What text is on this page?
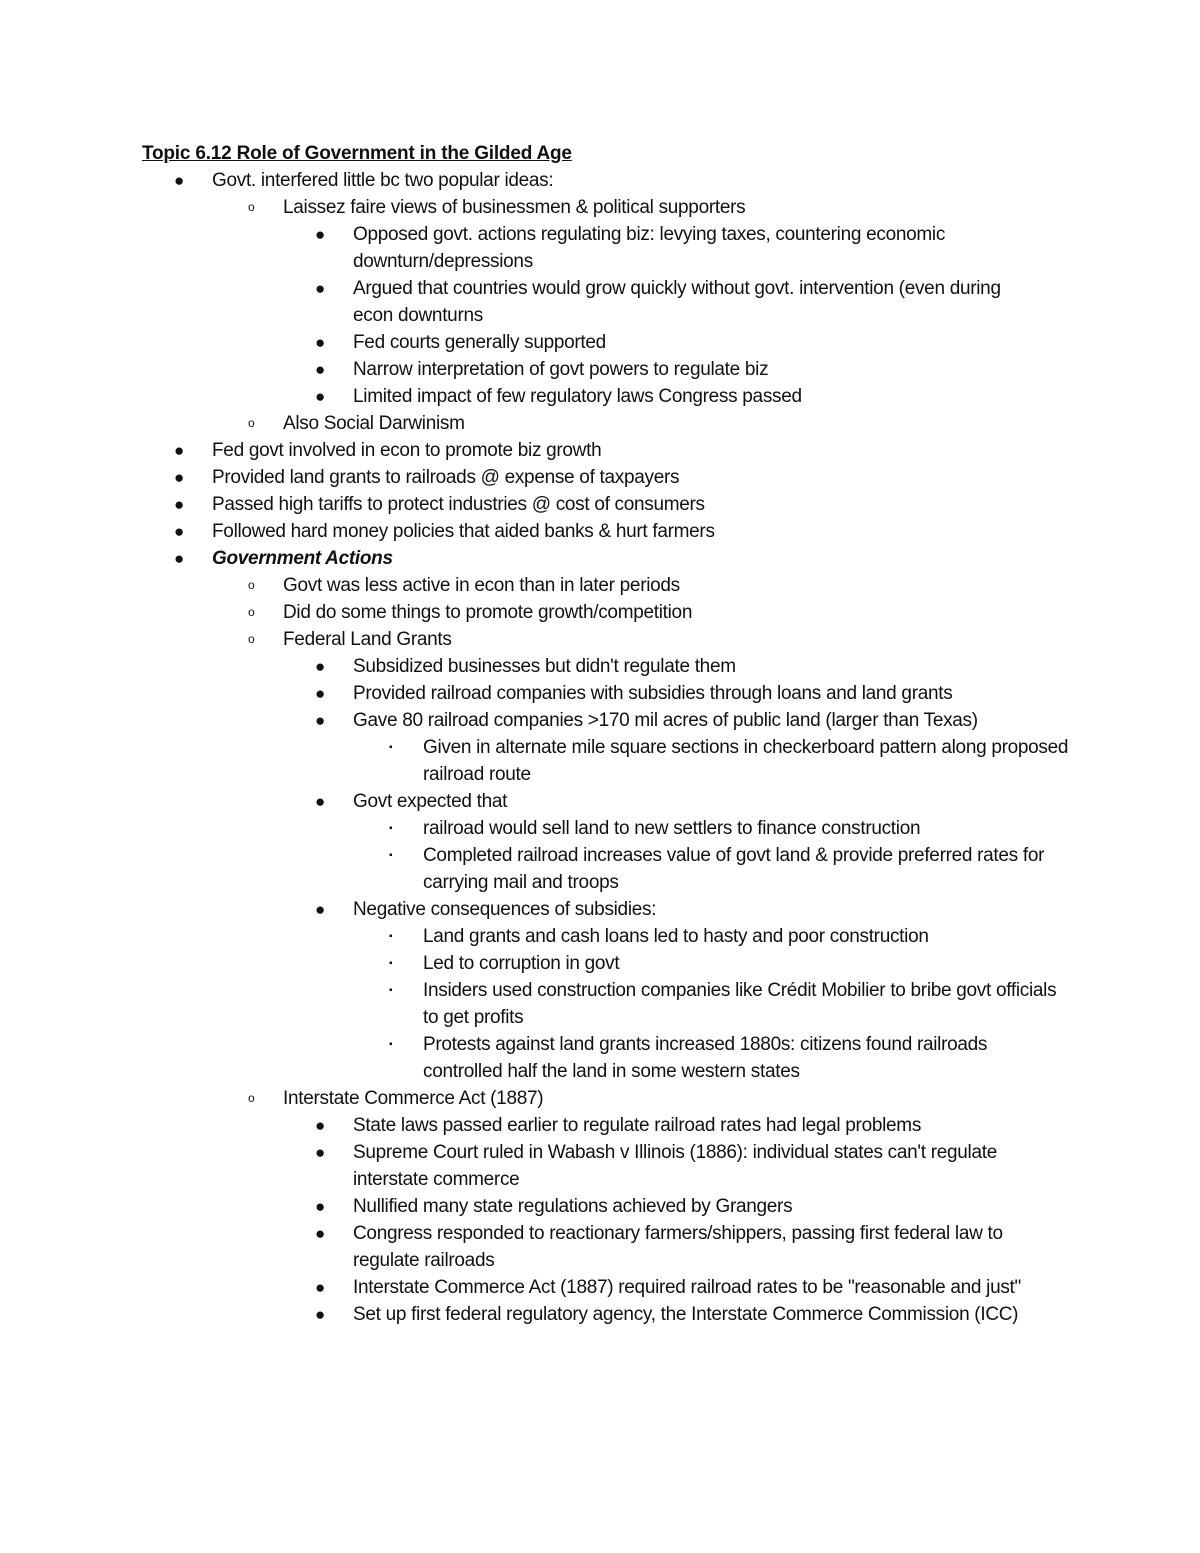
Topic 6.12 Role of Government in the Gilded Age
● Govt. interfered little bc two popular ideas:
o Laissez faire views of businessmen & political supporters
● Opposed govt. actions regulating biz: levying taxes, countering economic downturn/depressions
● Argued that countries would grow quickly without govt. intervention (even during econ downturns
● Fed courts generally supported
● Narrow interpretation of govt powers to regulate biz
● Limited impact of few regulatory laws Congress passed
o Also Social Darwinism
● Fed govt involved in econ to promote biz growth
● Provided land grants to railroads @ expense of taxpayers
● Passed high tariffs to protect industries @ cost of consumers
● Followed hard money policies that aided banks & hurt farmers
● Government Actions
o Govt was less active in econ than in later periods
o Did do some things to promote growth/competition
o Federal Land Grants
● Subsidized businesses but didn't regulate them
● Provided railroad companies with subsidies through loans and land grants
● Gave 80 railroad companies >170 mil acres of public land (larger than Texas)
▪ Given in alternate mile square sections in checkerboard pattern along proposed railroad route
● Govt expected that
▪ railroad would sell land to new settlers to finance construction
▪ Completed railroad increases value of govt land & provide preferred rates for carrying mail and troops
● Negative consequences of subsidies:
▪ Land grants and cash loans led to hasty and poor construction
▪ Led to corruption in govt
▪ Insiders used construction companies like Crédit Mobilier to bribe govt officials to get profits
▪ Protests against land grants increased 1880s: citizens found railroads controlled half the land in some western states
o Interstate Commerce Act (1887)
● State laws passed earlier to regulate railroad rates had legal problems
● Supreme Court ruled in Wabash v Illinois (1886): individual states can't regulate interstate commerce
● Nullified many state regulations achieved by Grangers
● Congress responded to reactionary farmers/shippers, passing first federal law to regulate railroads
● Interstate Commerce Act (1887) required railroad rates to be "reasonable and just"
● Set up first federal regulatory agency, the Interstate Commerce Commission (ICC)
